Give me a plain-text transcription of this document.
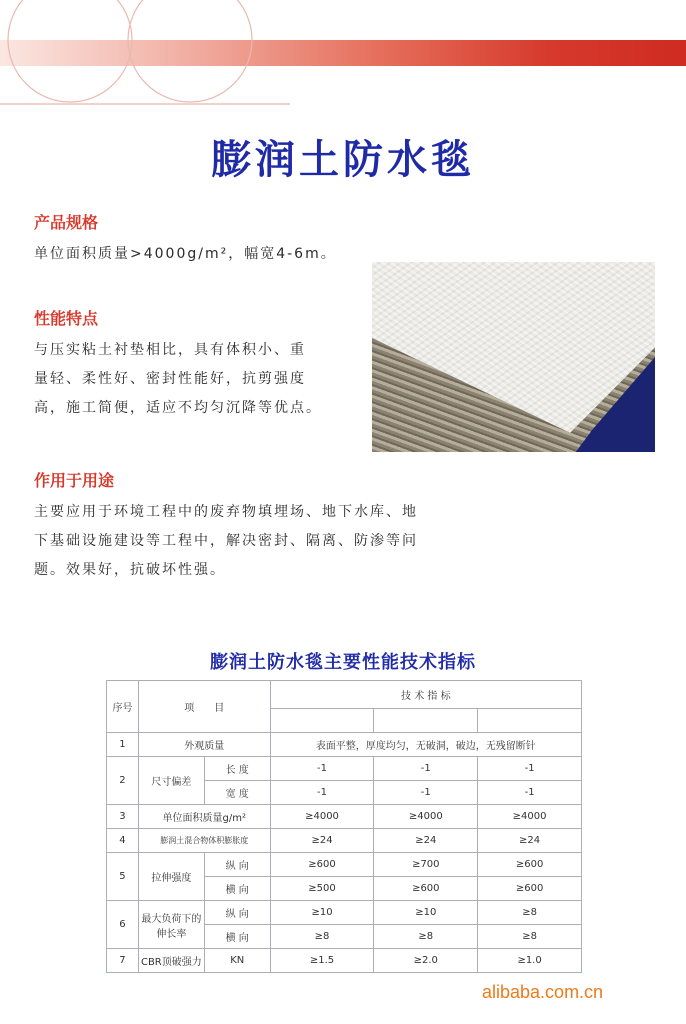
膨润土防水毯
产品规格
单位面积质量>4000g/m²，幅宽4-6m。
性能特点
与压实粘土衬垫相比，具有体积小、重
量轻、柔性好、密封性能好，抗剪强度
高，施工简便，适应不均匀沉降等优点。
作用于用途
主要应用于环境工程中的废弃物填埋场、地下水库、地
下基础设施建设等工程中，解决密封、隔离、防渗等问
题。效果好，抗破坏性强。
膨润土防水毯主要性能技术指标
序号	项　　目		技 术 指 标		

1	外观质量		表面平整，厚度均匀，无破洞，破边，无残留断针		
2	尺寸偏差	长 度	-1	-1	-1
		宽 度	-1	-1	-1
3	单位面积质量g/m²		≥4000	≥4000	≥4000
4	膨润土混合物体积膨胀度		≥24	≥24	≥24
5	拉伸强度	纵 向	≥600	≥700	≥600
		横 向	≥500	≥600	≥600
6	最大负荷下的伸长率	纵 向	≥10	≥10	≥8
		横 向	≥8	≥8	≥8
7	CBR顶破强力	KN	≥1.5	≥2.0	≥1.0
alibaba.com.cn
